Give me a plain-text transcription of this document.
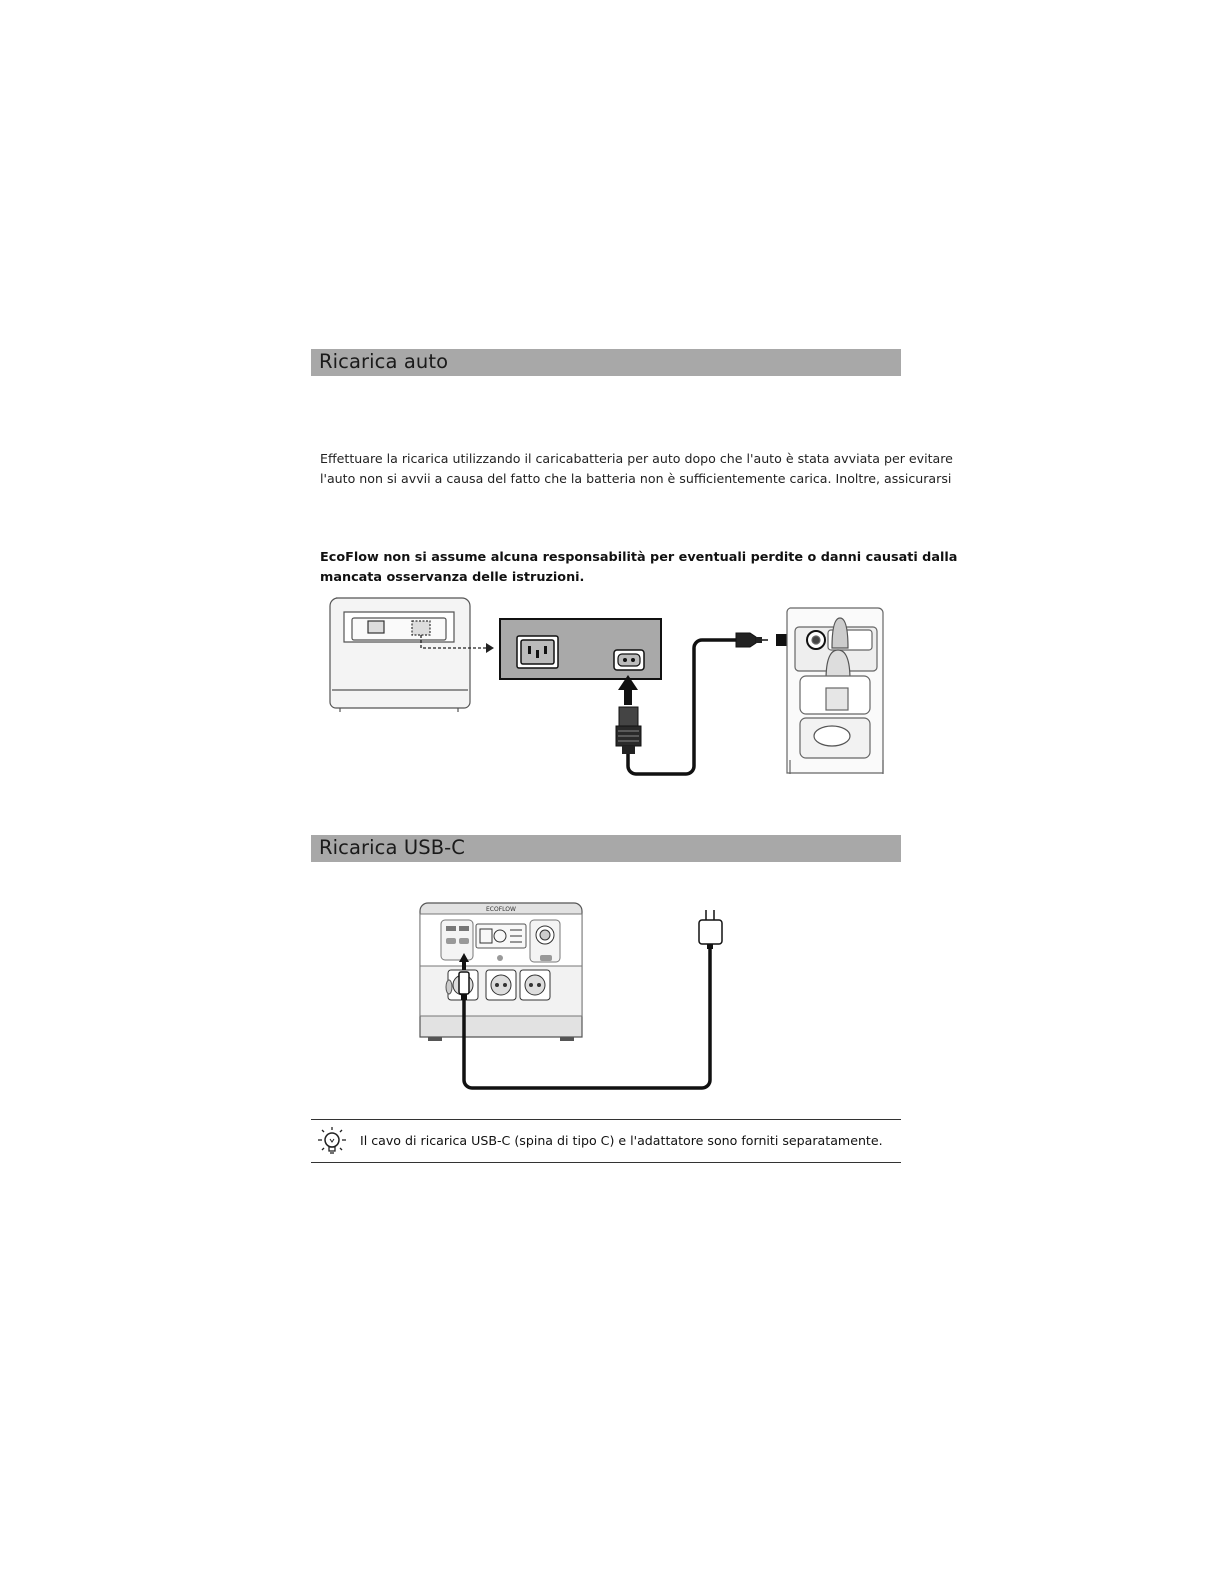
Ricarica auto
Effettuare la ricarica utilizzando il caricabatteria per auto dopo che l'auto è stata avviata per evitare
l'auto non si avvii a causa del fatto che la batteria non è sufficientemente carica. Inoltre, assicurarsi
EcoFlow non si assume alcuna responsabilità per eventuali perdite o danni causati dalla
mancata osservanza delle istruzioni.
Ricarica USB-C
ECOFLOW
Il cavo di ricarica USB-C (spina di tipo C) e l'adattatore sono forniti separatamente.
